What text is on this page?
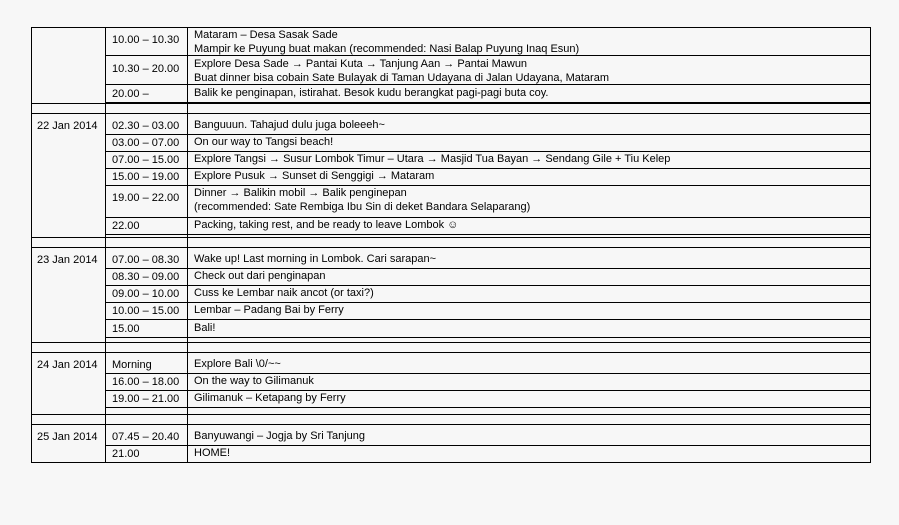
10.00 – 10.30 Mataram – Desa Sasak Sade
Mampir ke Puyung buat makan (recommended: Nasi Balap Puyung Inaq Esun)
10.30 – 20.00 Explore Desa Sade → Pantai Kuta → Tanjung Aan → Pantai Mawun
Buat dinner bisa cobain Sate Bulayak di Taman Udayana di Jalan Udayana, Mataram
20.00 –	Balik ke penginapan, istirahat. Besok kudu berangkat pagi-pagi buta coy.
22 Jan 2014 02.30 – 03.00 Banguuun. Tahajud dulu juga boleeeh~
03.00 – 07.00 On our way to Tangsi beach!
07.00 – 15.00 Explore Tangsi → Susur Lombok Timur – Utara → Masjid Tua Bayan → Sendang Gile + Tiu Kelep
15.00 – 19.00 Explore Pusuk → Sunset di Senggigi → Mataram
19.00 – 22.00 Dinner → Balikin mobil → Balik penginepan
(recommended: Sate Rembiga Ibu Sin di deket Bandara Selaparang)
22.00	Packing, taking rest, and be ready to leave Lombok ☺
23 Jan 2014 07.00 – 08.30 Wake up! Last morning in Lombok. Cari sarapan~
08.30 – 09.00 Check out dari penginapan
09.00 – 10.00 Cuss ke Lembar naik ancot (or taxi?)
10.00 – 15.00 Lembar – Padang Bai by Ferry
15.00	Bali!
24 Jan 2014 Morning	Explore Bali \0/~~
16.00 – 18.00 On the way to Gilimanuk
19.00 – 21.00 Gilimanuk – Ketapang by Ferry
25 Jan 2014 07.45 – 20.40 Banyuwangi – Jogja by Sri Tanjung
21.00	HOME!
